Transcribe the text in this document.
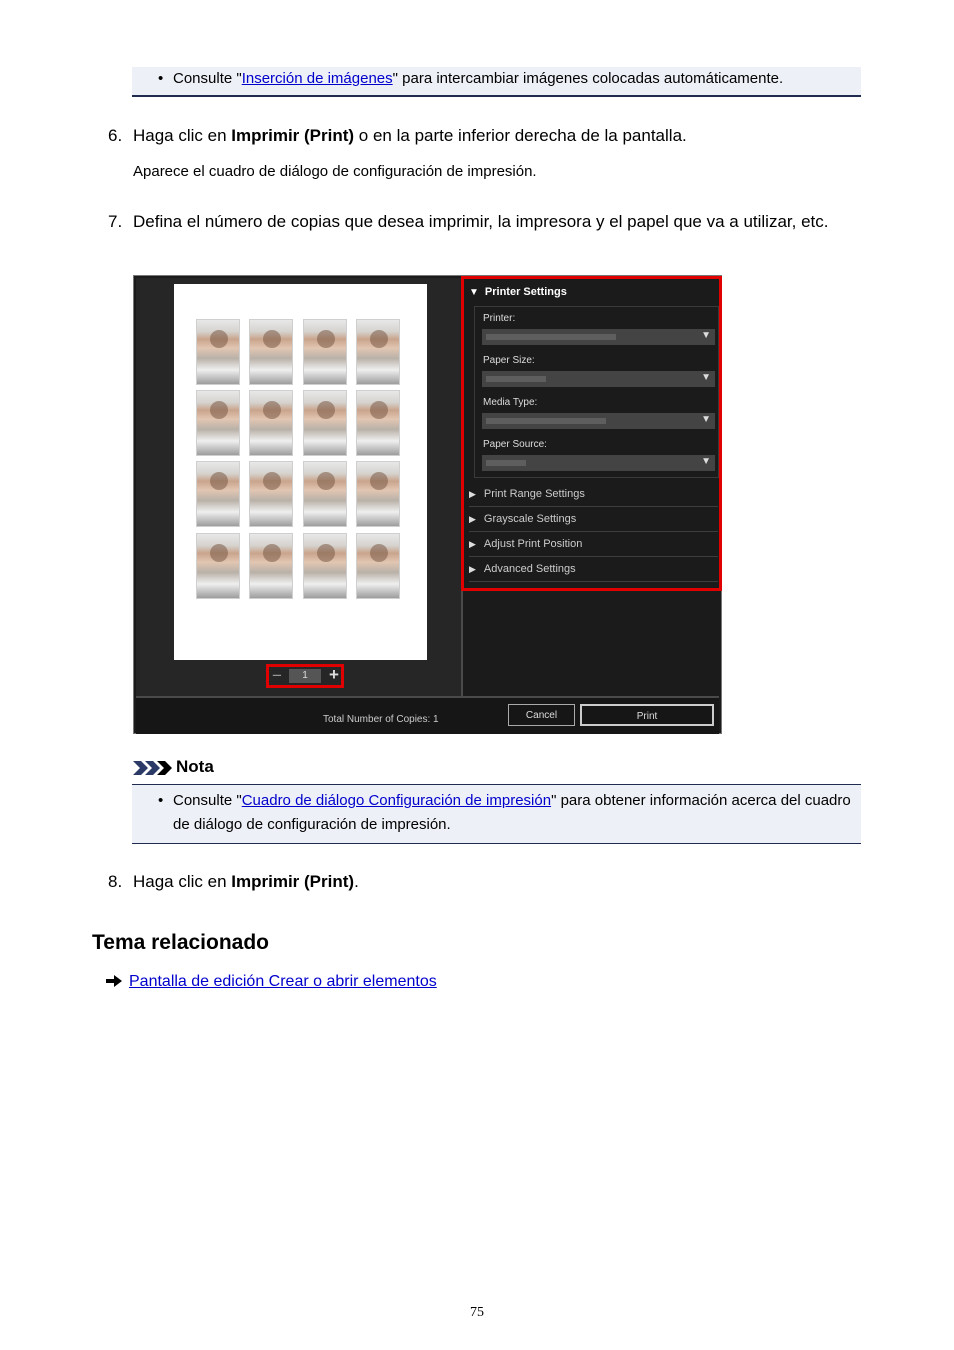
• Consulte "Inserción de imágenes" para intercambiar imágenes colocadas automáticamente.
6. Haga clic en Imprimir (Print) o en la parte inferior derecha de la pantalla.
Aparece el cuadro de diálogo de configuración de impresión.
7. Defina el número de copias que desea imprimir, la impresora y el papel que va a utilizar, etc.
−	1	+
▼ Printer Settings
Printer:
▼
Paper Size:
▼
Media Type:
▼
Paper Source:
▼
▶ Print Range Settings
▶ Grayscale Settings
▶ Adjust Print Position
▶ Advanced Settings
Total Number of Copies: 1	Cancel	Print
Nota
• Consulte "Cuadro de diálogo Configuración de impresión" para obtener información acerca del cuadro de diálogo de configuración de impresión.
8. Haga clic en Imprimir (Print).
Tema relacionado
Pantalla de edición Crear o abrir elementos
75
